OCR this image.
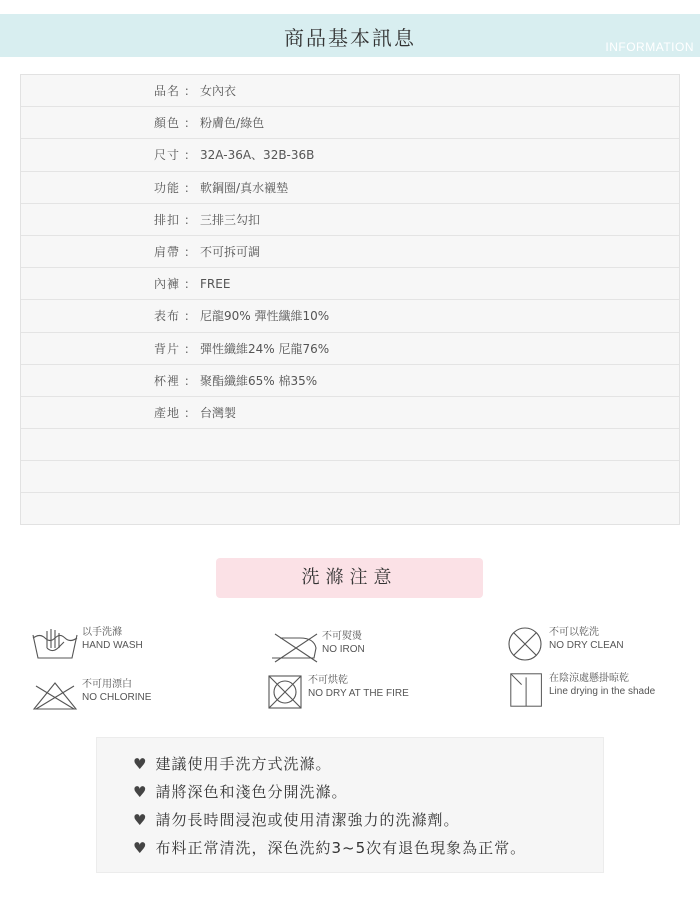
商品基本訊息	INFORMATION
品名 ： 女內衣
顏色 ： 粉膚色/綠色
尺寸 ： 32A-36A、32B-36B
功能 ： 軟鋼圈/真水襯墊
排扣 ： 三排三勾扣
肩帶 ： 不可拆可調
內褲 ： FREE
表布 ： 尼龍90% 彈性纖維10%
背片 ： 彈性纖維24% 尼龍76%
杯裡 ： 聚酯纖維65% 棉35%
產地 ： 台灣製
洗滌注意
以手洗滌
HAND WASH
不可熨燙
NO IRON
不可以乾洗
NO DRY CLEAN
不可用漂白
NO CHLORINE
不可烘乾
NO DRY AT THE FIRE
在陰涼處懸掛晾乾
Line drying in the shade
♥ 建議使用手洗方式洗滌。
♥ 請將深色和淺色分開洗滌。
♥ 請勿長時間浸泡或使用清潔強力的洗滌劑。
♥ 布料正常清洗，深色洗約3~5次有退色現象為正常。
